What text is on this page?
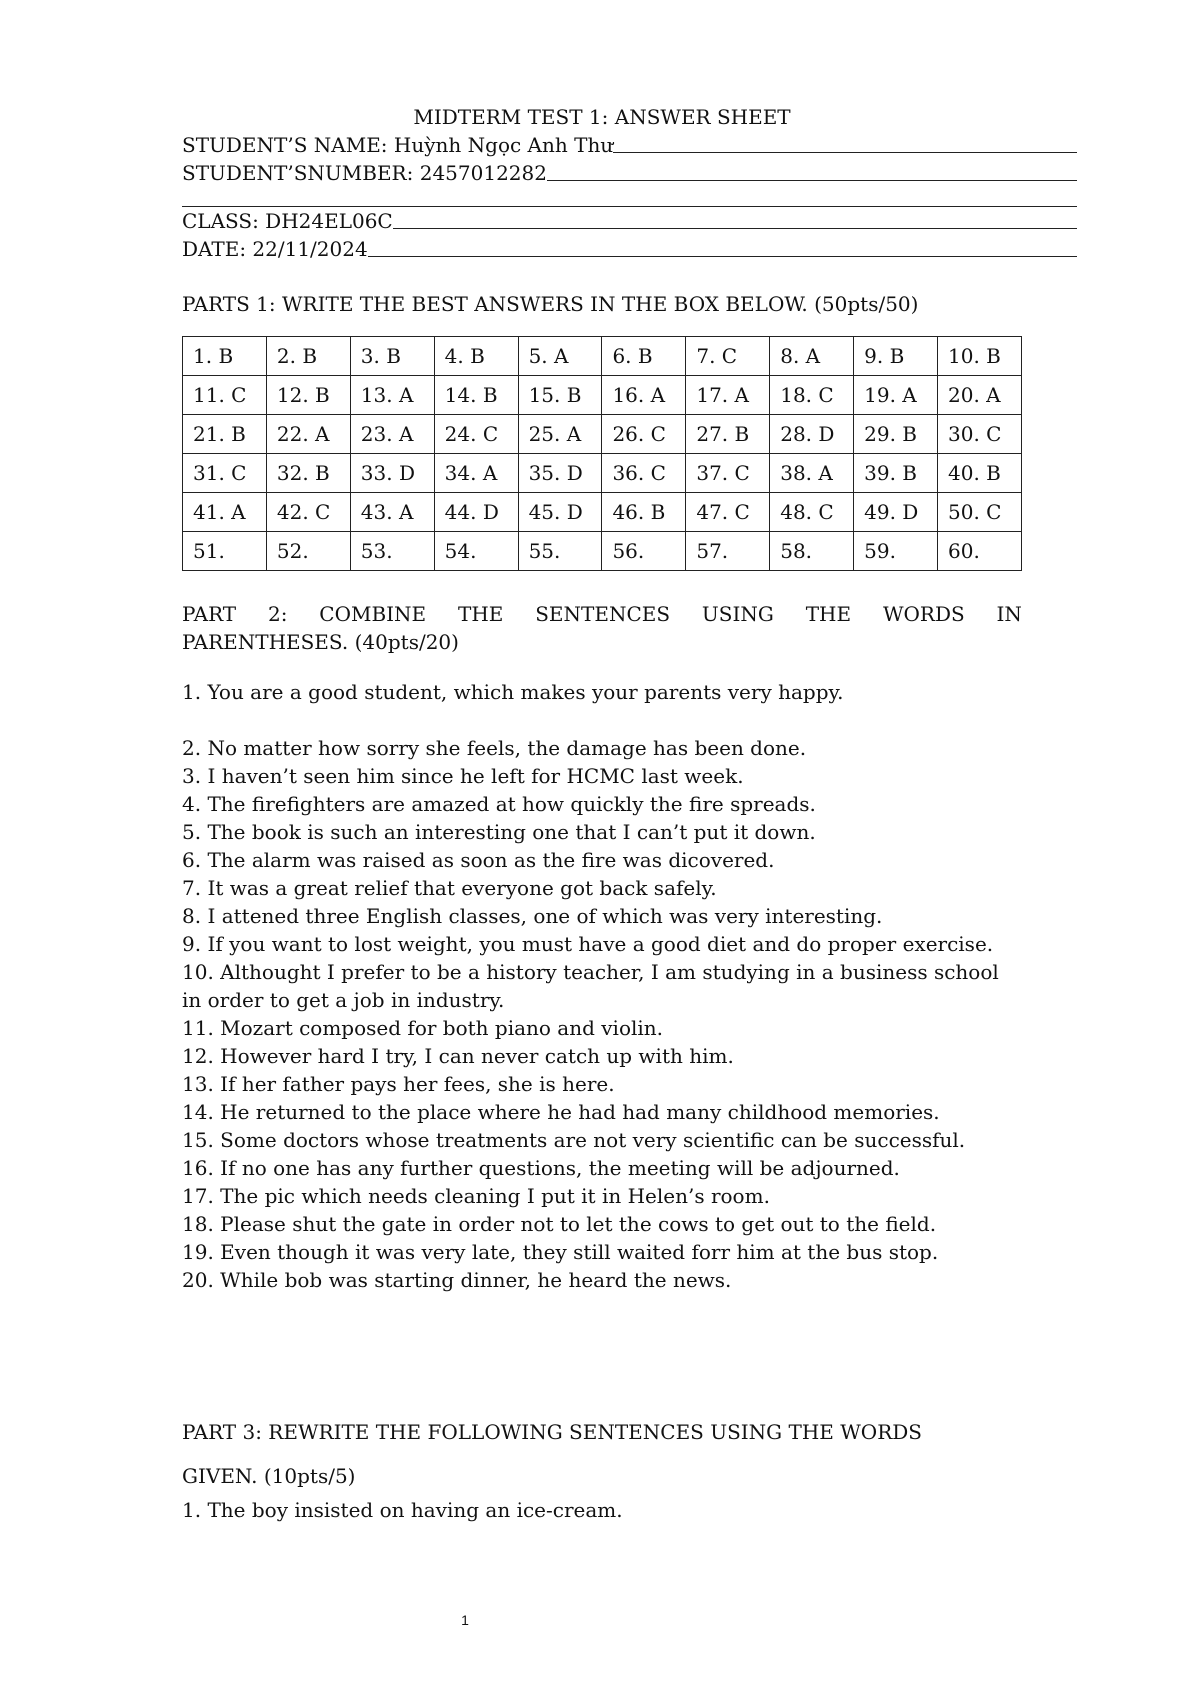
MIDTERM TEST 1: ANSWER SHEET
STUDENT’S NAME: Huỳnh Ngọc Anh Thư
STUDENT’SNUMBER: 2457012282
CLASS: DH24EL06C
DATE: 22/11/2024
PARTS 1: WRITE THE BEST ANSWERS IN THE BOX BELOW. (50pts/50)
1. B	2. B	3. B	4. B	5. A	6. B	7. C	8. A	9. B	10. B
11. C	12. B	13. A	14. B	15. B	16. A	17. A	18. C	19. A	20. A
21. B	22. A	23. A	24. C	25. A	26. C	27. B	28. D	29. B	30. C
31. C	32. B	33. D	34. A	35. D	36. C	37. C	38. A	39. B	40. B
41. A	42. C	43. A	44. D	45. D	46. B	47. C	48. C	49. D	50. C
51.	52.	53.	54.	55.	56.	57.	58.	59.	60.
PART 2: COMBINE THE SENTENCES USING THE WORDS IN
PARENTHESES. (40pts/20)
1. You are a good student, which makes your parents very happy.
2. No matter how sorry she feels, the damage has been done.
3. I haven’t seen him since he left for HCMC last week.
4. The firefighters are amazed at how quickly the fire spreads.
5. The book is such an interesting one that I can’t put it down.
6. The alarm was raised as soon as the fire was dicovered.
7. It was a great relief that everyone got back safely.
8. I attened three English classes, one of which was very interesting.
9. If you want to lost weight, you must have a good diet and do proper exercise.
10. Althought I prefer to be a history teacher, I am studying in a business school in order to get a job in industry.
11. Mozart composed for both piano and violin.
12. However hard I try, I can never catch up with him.
13. If her father pays her fees, she is here.
14. He returned to the place where he had had many childhood memories.
15. Some doctors whose treatments are not very scientific can be successful.
16. If no one has any further questions, the meeting will be adjourned.
17. The pic which needs cleaning I put it in Helen’s room.
18. Please shut the gate in order not to let the cows to get out to the field.
19. Even though it was very late, they still waited forr him at the bus stop.
20. While bob was starting dinner, he heard the news.
PART 3: REWRITE THE FOLLOWING SENTENCES USING THE WORDS
GIVEN. (10pts/5)
1. The boy insisted on having an ice-cream.
1
